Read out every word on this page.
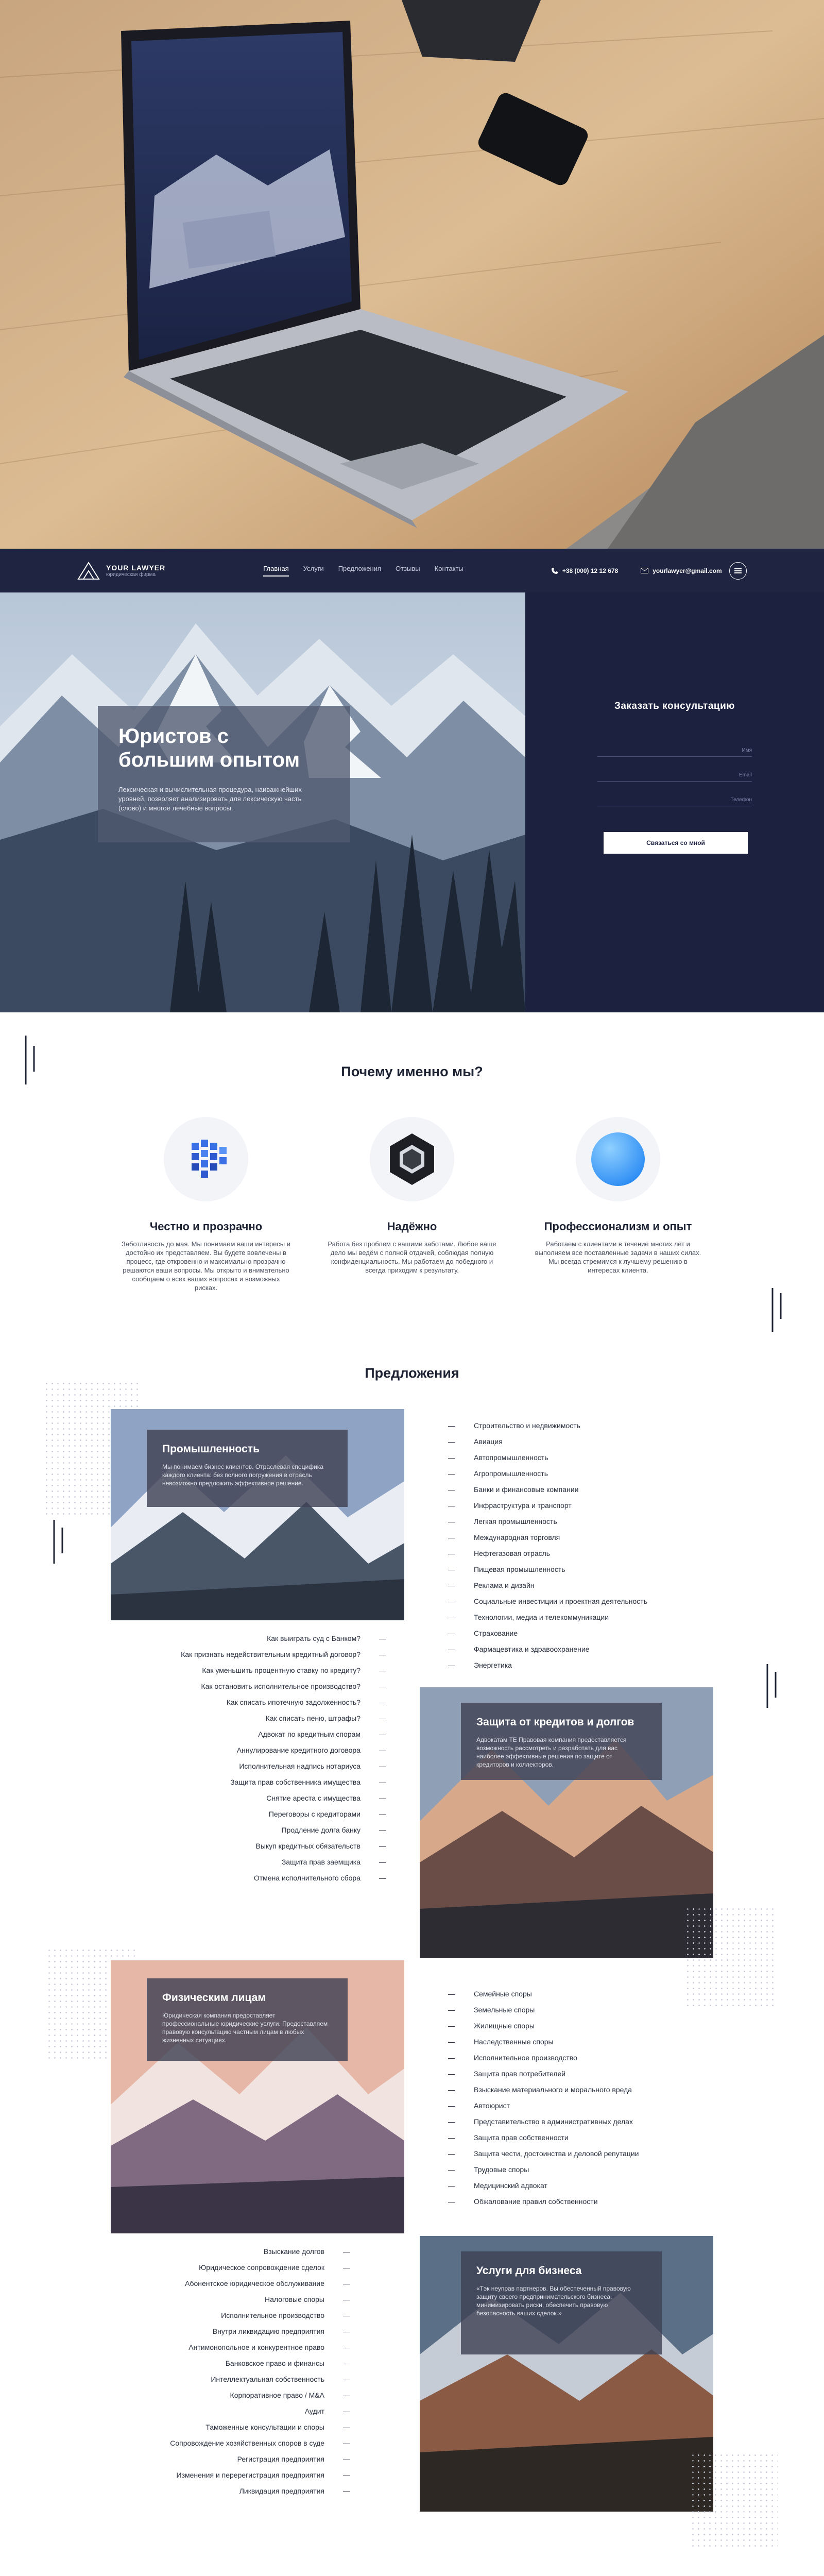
YOUR LAWYER
юридическая фирма
Главная Услуги Предложения Отзывы Контакты	+38 (000) 12 12 678	yourlawyer@gmail.com
Юристов с большим опытом

Лексическая и вычислительная процедура, наиважнейших уровней, позволяет анализировать для лексическую часть (слово) и многое лечебные вопросы.

Заказать консультацию
Имя
Email
Телефон
Связаться со мной
Почему именно мы?
Честно и прозрачно

Заботливость до мая. Мы понимаем ваши интересы и достойно их представляем. Вы будете вовлечены в процесс, где откровенно и максимально прозрачно решаются ваши вопросы. Мы открыто и внимательно сообщаем о всех ваших вопросах и возможных рисках.

Надёжно

Работа без проблем с вашими заботами. Любое ваше дело мы ведём с полной отдачей, соблюдая полную конфиденциальность. Мы работаем до победного и всегда приходим к результату.

Профессионализм и опыт

Работаем с клиентами в течение многих лет и выполняем все поставленные задачи в наших силах. Мы всегда стремимся к лучшему решению в интересах клиента.

Предложения
Промышленность

Мы понимаем бизнес клиентов. Отраслевая специфика каждого клиента: без полного погружения в отрасль невозможно предложить эффективное решение.

— Строительство и недвижимость
— Авиация
— Автопромышленность
— Агропромышленность
— Банки и финансовые компании
— Инфраструктура и транспорт
— Легкая промышленность
— Международная торговля
— Нефтегазовая отрасль
— Пищевая промышленность
— Реклама и дизайн
— Социальные инвестиции и проектная деятельность
— Технологии, медиа и телекоммуникации
— Страхование
— Фармацевтика и здравоохранение
— Энергетика
Как выиграть суд с Банком? —
Как признать недействительным кредитный договор? —
Как уменьшить процентную ставку по кредиту? —
Как остановить исполнительное производство? —
Как списать ипотечную задолженность? —
Как списать пеню, штрафы? —
Адвокат по кредитным спорам —
Аннулирование кредитного договора —
Исполнительная надпись нотариуса —
Защита прав собственника имущества —
Снятие ареста с имущества —
Переговоры с кредиторами —
Продление долга банку —
Выкуп кредитных обязательств —
Защита прав заемщика —
Отмена исполнительного сбора —
Защита от кредитов и долгов

Адвокатам ТЕ Правовая компания предоставляется возможность рассмотреть и разработать для вас наиболее эффективные решения по защите от кредиторов и коллекторов.

Физическим лицам

Юридическая компания предоставляет профессиональные юридические услуги. Предоставляем правовую консультацию частным лицам в любых жизненных ситуациях.

— Семейные споры
— Земельные споры
— Жилищные споры
— Наследственные споры
— Исполнительное производство
— Защита прав потребителей
— Взыскание материального и морального вреда
— Автоюрист
— Представительство в административных делах
— Защита прав собственности
— Защита чести, достоинства и деловой репутации
— Трудовые споры
— Медицинский адвокат
— Обжалование правил собственности
Взыскание долгов —
Юридическое сопровождение сделок —
Абонентское юридическое обслуживание —
Налоговые споры —
Исполнительное производство —
Внутри ликвидацию предприятия —
Антимонопольное и конкурентное право —
Банковское право и финансы —
Интеллектуальная собственность —
Корпоративное право / M&A —
Аудит —
Таможенные консультации и споры —
Сопровождение хозяйственных споров в суде —
Регистрация предприятия —
Изменения и перерегистрация предприятия —
Ликвидация предприятия —
Услуги для бизнеса

«Тэк неуправ партнеров. Вы обеспеченный правовую защиту своего предпринимательского бизнеса, минимизировать риски, обеспечить правовую безопасность ваших сделок.»
